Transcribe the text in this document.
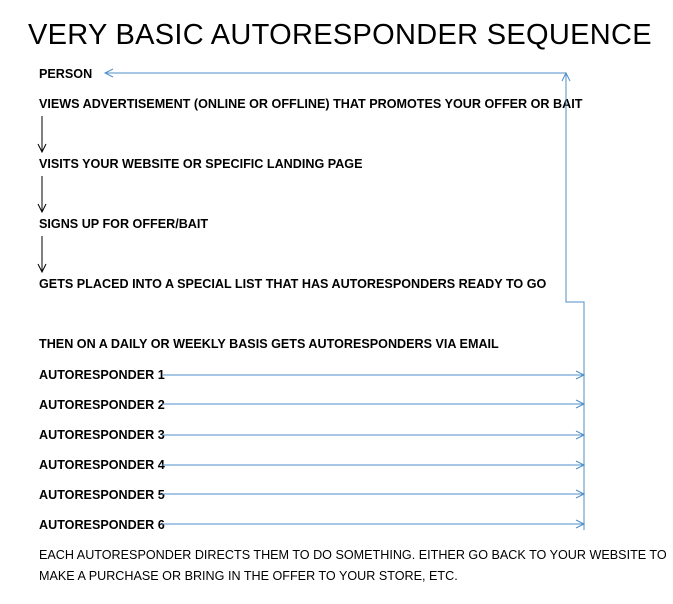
VERY BASIC AUTORESPONDER SEQUENCE
PERSON
VIEWS ADVERTISEMENT (ONLINE OR OFFLINE) THAT PROMOTES YOUR OFFER OR BAIT
VISITS YOUR WEBSITE OR SPECIFIC LANDING PAGE
SIGNS UP FOR OFFER/BAIT
GETS PLACED INTO A SPECIAL LIST THAT HAS AUTORESPONDERS READY TO GO
THEN ON A DAILY OR WEEKLY BASIS GETS AUTORESPONDERS VIA EMAIL
AUTORESPONDER 1
AUTORESPONDER 2
AUTORESPONDER 3
AUTORESPONDER 4
AUTORESPONDER 5
AUTORESPONDER 6
EACH AUTORESPONDER DIRECTS THEM TO DO SOMETHING. EITHER GO BACK TO YOUR WEBSITE TO
MAKE A PURCHASE OR BRING IN THE OFFER TO YOUR STORE, ETC.
